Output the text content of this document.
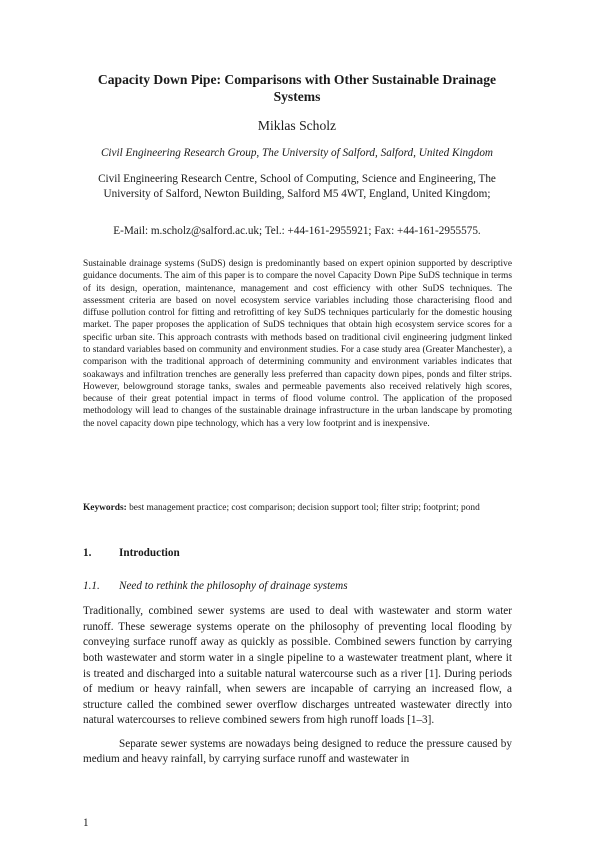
Capacity Down Pipe: Comparisons with Other Sustainable Drainage Systems
Miklas Scholz
Civil Engineering Research Group, The University of Salford, Salford, United Kingdom
Civil Engineering Research Centre, School of Computing, Science and Engineering, The University of Salford, Newton Building, Salford M5 4WT, England, United Kingdom;
E-Mail: m.scholz@salford.ac.uk; Tel.: +44-161-2955921; Fax: +44-161-2955575.
Sustainable drainage systems (SuDS) design is predominantly based on expert opinion supported by descriptive guidance documents. The aim of this paper is to compare the novel Capacity Down Pipe SuDS technique in terms of its design, operation, maintenance, management and cost efficiency with other SuDS techniques. The assessment criteria are based on novel ecosystem service variables including those characterising flood and diffuse pollution control for fitting and retrofitting of key SuDS techniques particularly for the domestic housing market. The paper proposes the application of SuDS techniques that obtain high ecosystem service scores for a specific urban site. This approach contrasts with methods based on traditional civil engineering judgment linked to standard variables based on community and environment studies. For a case study area (Greater Manchester), a comparison with the traditional approach of determining community and environment variables indicates that soakaways and infiltration trenches are generally less preferred than capacity down pipes, ponds and filter strips. However, belowground storage tanks, swales and permeable pavements also received relatively high scores, because of their great potential impact in terms of flood volume control. The application of the proposed methodology will lead to changes of the sustainable drainage infrastructure in the urban landscape by promoting the novel capacity down pipe technology, which has a very low footprint and is inexpensive.
Keywords: best management practice; cost comparison; decision support tool; filter strip; footprint; pond
1. Introduction
1.1. Need to rethink the philosophy of drainage systems
Traditionally, combined sewer systems are used to deal with wastewater and storm water runoff. These sewerage systems operate on the philosophy of preventing local flooding by conveying surface runoff away as quickly as possible. Combined sewers function by carrying both wastewater and storm water in a single pipeline to a wastewater treatment plant, where it is treated and discharged into a suitable natural watercourse such as a river [1]. During periods of medium or heavy rainfall, when sewers are incapable of carrying an increased flow, a structure called the combined sewer overflow discharges untreated wastewater directly into natural watercourses to relieve combined sewers from high runoff loads [1–3].
Separate sewer systems are nowadays being designed to reduce the pressure caused by medium and heavy rainfall, by carrying surface runoff and wastewater in
1
